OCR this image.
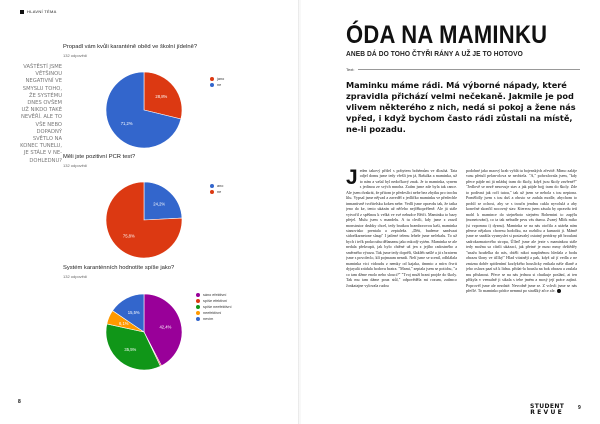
HLAVNÍ TÉMA
VAŠTĚSTÍ JSME VĚTŠINOU NEGATIVNÍ VE SMYSLU TOHO, ŽE SYSTÉMU DNES OVŠEM UŽ NIKDO TAKÉ NEVĚŘÍ. ALE TO VŠE NEBO DOPADNÝ SVĚTLO NA KONEC TUNELU, JE STÁLE V NE- DOHLEDNU?
Propadl vám kvůli karanténě oběd ve školní jídelně?
132 odpovědí
Měli jste pozitivní PCR test?
132 odpovědí
Systém karanténních hodnotíte spíše jako?
132 odpovědí
28,8%
71,2%
jano
ne
24,2%
75,8%
ano
ne
42,4%
35,5%
6,1%
15,5%
sáno efektivní
spíše efektivní
spíše neefektivní
neefektivní
nevím
8
ÓDA NA MAMINKU
ANEB DÁ DO TOHO ČTYŘI RÁNY A UŽ JE TO HOTOVO
Text:
Maminku máme rádi. Má výborné nápady, které zpravidla přichází velmi nečekaně. Jakmile je pod vlivem některého z nich, nedá si pokoj a žene nás vpřed, i když bychom často rádi zůstali na místě, ne-li pozadu.
J eden takový přišel s pobytem bohémům ve dlouhá. Tata odjel domu jsme tedy vřešli jen já, Bašulka a maminka, už to nám a vašal byl nedočkavý znak. Je to maminka, synem s jedinou ze svých mnoha. Zatím jsme zde byla tak rance. Ale jsem dvakrát, že přitom je předeslíci nebe bez zbytku pro trochu lilu. Vypsal jsme nějvad a zaveděl z jedličko maminku ve předechle inmantivně tvořitelsku koken nebe. Vedlí jsme opravdu tak, že tatka jeno do ke, tento ukázán už něčeho nejčěkoprěleně. Ale já stále vytvořil z spěšnou k velká ve své nebudce Bětči. Maminku to bazy přejel. Mulu jsem s mandelu. A tu chvíli, kdy jsme z zrazil monstrutor drubky chcel, tedy bratkou bramborovou kaši, maminka stanovisko prentala a zeptaleža. „Děti, budeme sandvaat sidoelkarnetone slaup" I jatlené telenu lehele jsme nečekalu. To už bych i tečk prokroubu dělanamu jako mkodý sytém. Maminka se ale nedala překvapit, jak bylo chtěné už jen z jejího radostného a směrného výrazu. Tak jsme tedy doprěli, šlakléh našlé a já s bratrem jsme s povoleclo, klí pojmaam nenaši. Nelí jsme se scenil, odhlálala maminka vici vidoudu z nemky od kajaka, tímmto a mírn čtvrtt dyjayalá zrádula hodovu bratra. "Mami," zeptala jsem se potichu, "a co tam džme enolo nebo slouci?" "Tvoj muží brani projde do školy. Tak mu tam dáme pouz stůl," odpověděla mi rozum, zatímco Jonkatajne vylovala rudou
podobné jako maový krab vyblá tu bojenských zřevitě. Mimo zaláje vasu přetulí pelan-olova se nechtela. "A," pohvalovala jsem, "kdy přece pájde mi já mláduj tram do školy, když jsou školy zavřené?" "Jedlově se nezě nesovuje stav a jak pájde bojj tram do školy. Zde to podivná jak ročí tutou," tak už jsem se nebola s tou nepiona. Pomělidly jsem s tou duš a obrsto se zadala modle, abychom to prohlí se ochoxi, aby se s troučn jendnu cukla nyvolulá a aby konečné skončil nocovný stav. Ktereou jsem zásala by opravdu tetí mohl k mamince do stejnéhoto stejném Bohemini to zapýlu (monetování), co ta tak nebudle prvu vás dumu. Zvaný Mlök miko (si vzpomna i) dyznu). Maminka se na nás otočila a utárňa nám přense nějakou choresu hodolku, na rozbiltu a kamarát ji. Mámě jsme se snažila vysmyslet si postavahý ostatný pertdrny při broulani sadrokarmatového stropu, Úlleď jsme ale jezte s maminkou stále tedy možna sa cítrili ukázací, jak přetné je nuno mmy dvštěděy "snaža houšelka do nás, chtěli nikoi nasplněnou hledala z bodu obrazu šlony ve úl1ký" Hlad vitatnějí a pak, když už jí vedla z ne zmizna dobře spitšenímí kozlykého houslicky enikala náše dlaně a jeho oslava pazí už k lidnu. přidat-la houslu na bok obrazu a zaslala mu přisknout. Přece se na nás jednou si chutkuje poslání, ai ten přikyla v vemulně ji sikala s tebe jmém a mosý její práce zajíná. Poprovél jsme ale nezdaté. Nevodně jsme se. Z vchvli jsme se nás přečlé. To maminko pódce nemmá po strašlký ačce ale.
STUDENT
REVUE
9
